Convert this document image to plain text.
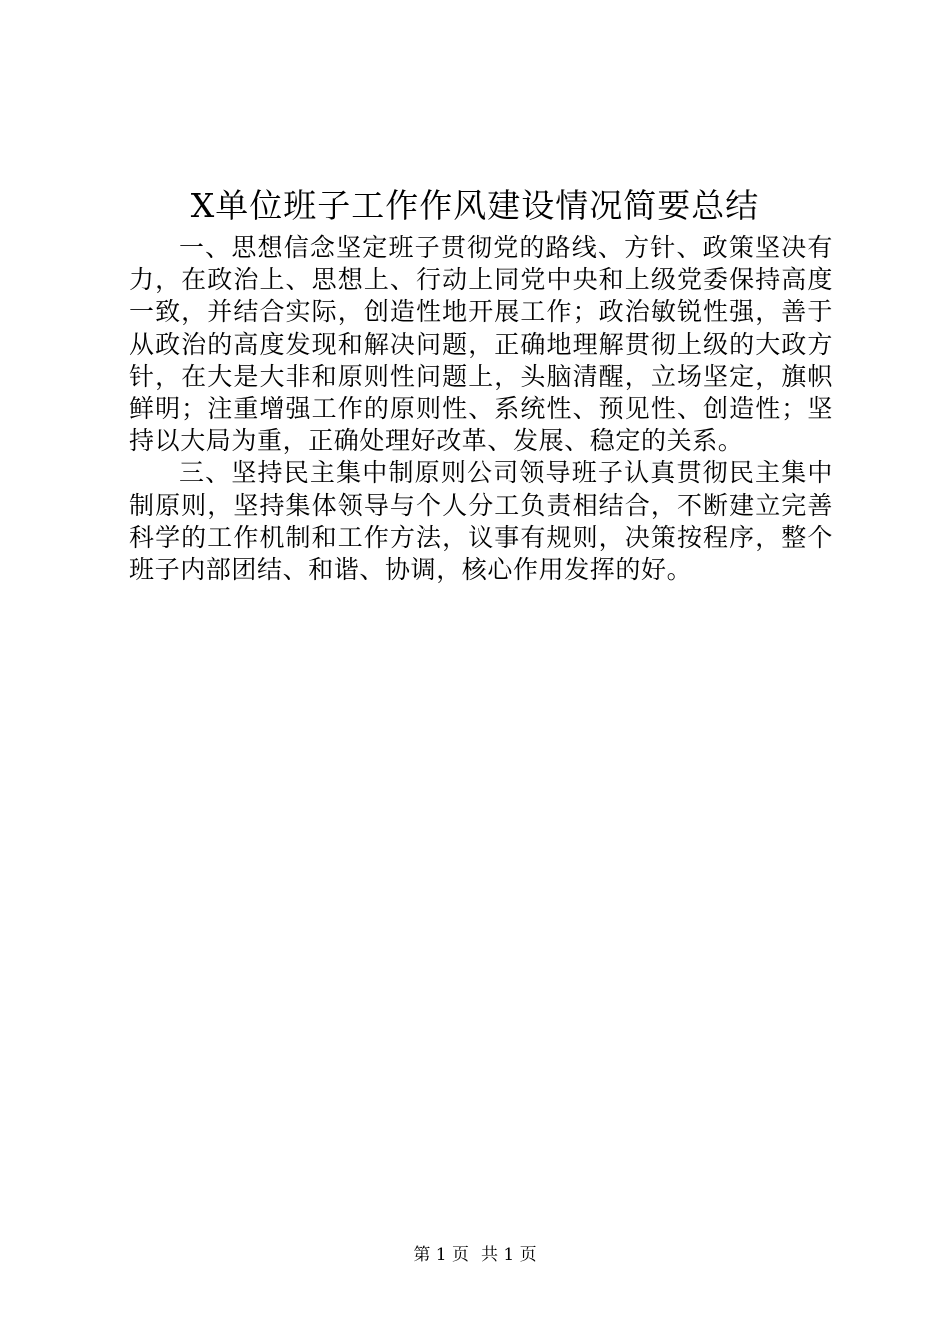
X单位班子工作作风建设情况简要总结

一、思想信念坚定班子贯彻党的路线、方针、政策坚决有力，在政治上、思想上、行动上同党中央和上级党委保持高度一致，并结合实际，创造性地开展工作；政治敏锐性强，善于从政治的高度发现和解决问题，正确地理解贯彻上级的大政方针，在大是大非和原则性问题上，头脑清醒，立场坚定，旗帜鲜明；注重增强工作的原则性、系统性、预见性、创造性；坚持以大局为重，正确处理好改革、发展、稳定的关系。

三、坚持民主集中制原则公司领导班子认真贯彻民主集中制原则，坚持集体领导与个人分工负责相结合，不断建立完善科学的工作机制和工作方法，议事有规则，决策按程序，整个班子内部团结、和谐、协调，核心作用发挥的好。

第 1 页 共 1 页
